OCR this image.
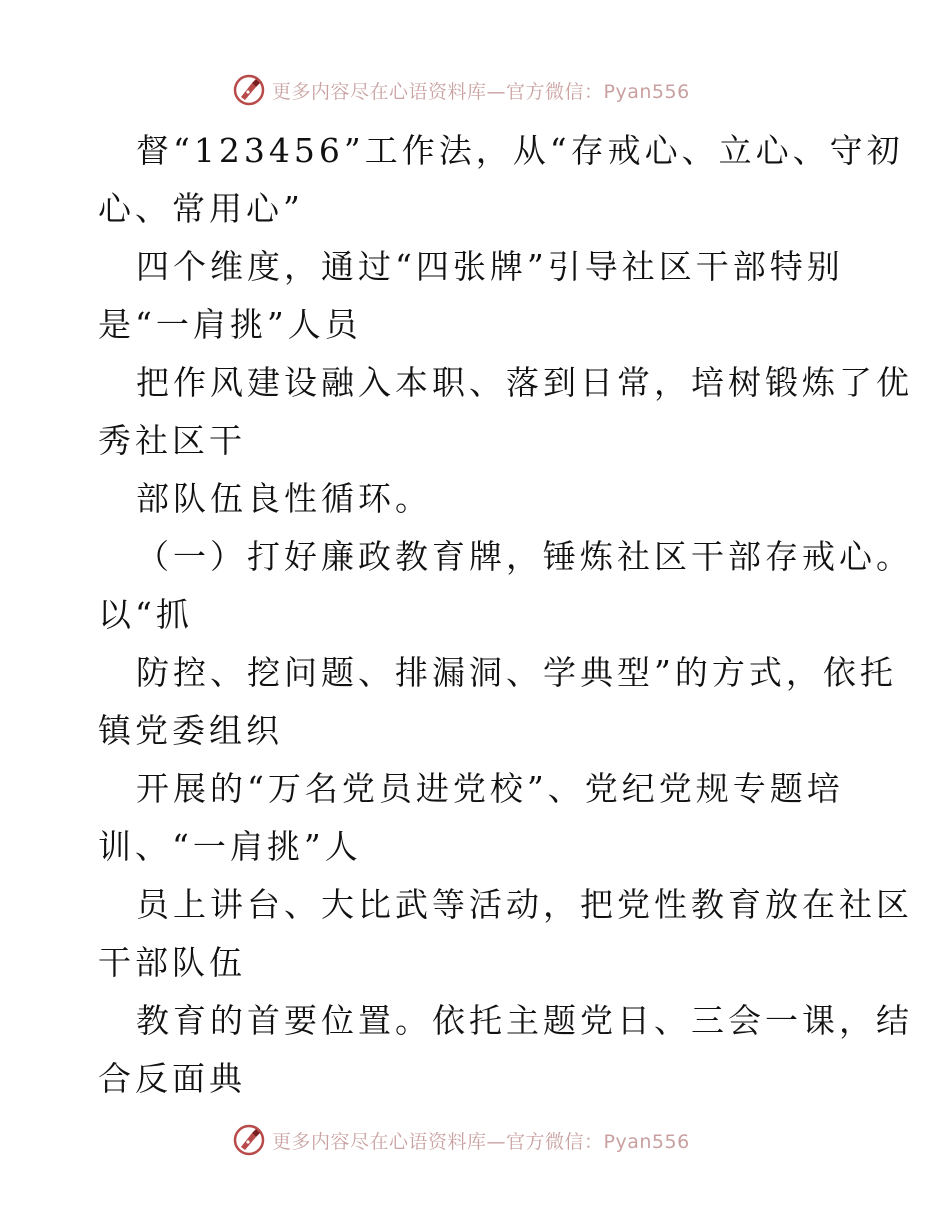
更多内容尽在心语资料库—官方微信：Pyan556

督“123456”工作法，从“存戒心、立心、守初

心、常用心”

四个维度，通过“四张牌”引导社区干部特别

是“一肩挑”人员

把作风建设融入本职、落到日常，培树锻炼了优

秀社区干

部队伍良性循环。

（一）打好廉政教育牌，锤炼社区干部存戒心。

以“抓

防控、挖问题、排漏洞、学典型”的方式，依托

镇党委组织

开展的“万名党员进党校”、党纪党规专题培

训、“一肩挑”人

员上讲台、大比武等活动，把党性教育放在社区

干部队伍

教育的首要位置。依托主题党日、三会一课，结

合反面典

更多内容尽在心语资料库—官方微信：Pyan556
